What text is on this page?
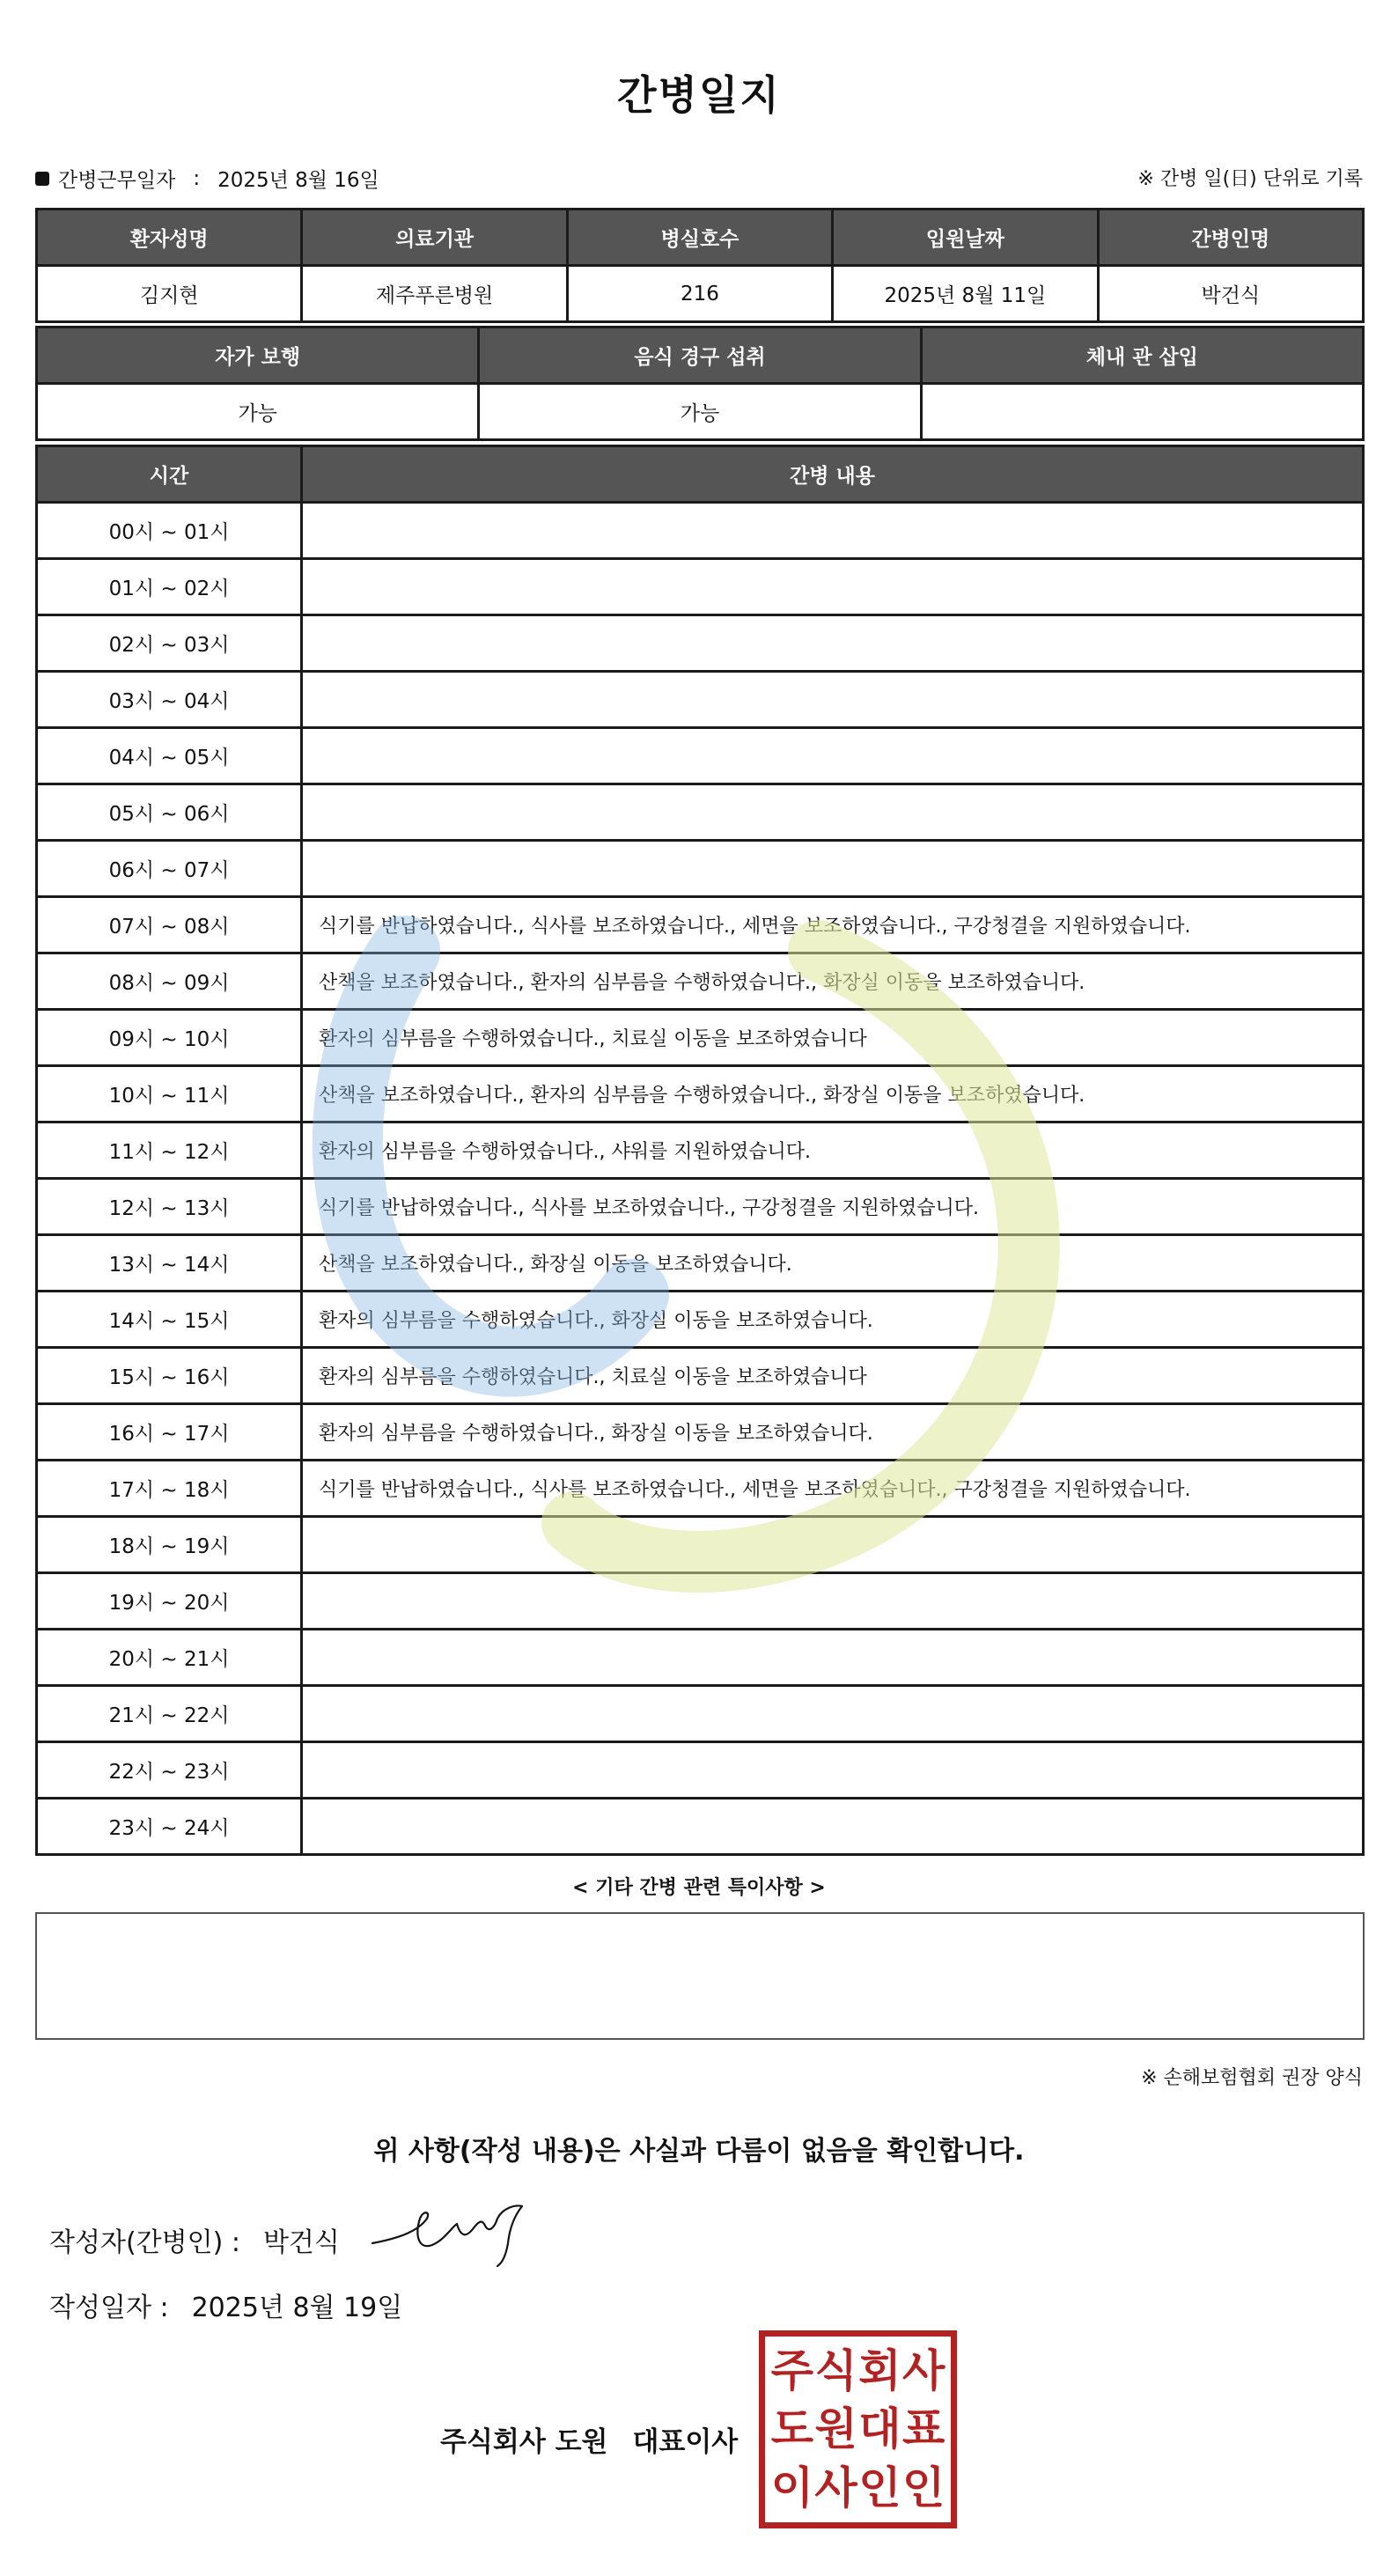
간병일지
간병근무일자 : 2025년 8월 16일	※ 간병 일(日) 단위로 기록
환자성명	의료기관	병실호수	입원날짜	간병인명
김지현	제주푸른병원	216	2025년 8월 11일	박건식
자가 보행	음식 경구 섭취	체내 관 삽입
가능	가능	
시간	간병 내용
00시 ~ 01시	
01시 ~ 02시	
02시 ~ 03시	
03시 ~ 04시	
04시 ~ 05시	
05시 ~ 06시	
06시 ~ 07시	
07시 ~ 08시	식기를 반납하였습니다., 식사를 보조하였습니다., 세면을 보조하였습니다., 구강청결을 지원하였습니다.
08시 ~ 09시	산책을 보조하였습니다., 환자의 심부름을 수행하였습니다., 화장실 이동을 보조하였습니다.
09시 ~ 10시	환자의 심부름을 수행하였습니다., 치료실 이동을 보조하였습니다
10시 ~ 11시	산책을 보조하였습니다., 환자의 심부름을 수행하였습니다., 화장실 이동을 보조하였습니다.
11시 ~ 12시	환자의 심부름을 수행하였습니다., 샤워를 지원하였습니다.
12시 ~ 13시	식기를 반납하였습니다., 식사를 보조하였습니다., 구강청결을 지원하였습니다.
13시 ~ 14시	산책을 보조하였습니다., 화장실 이동을 보조하였습니다.
14시 ~ 15시	환자의 심부름을 수행하였습니다., 화장실 이동을 보조하였습니다.
15시 ~ 16시	환자의 심부름을 수행하였습니다., 치료실 이동을 보조하였습니다
16시 ~ 17시	환자의 심부름을 수행하였습니다., 화장실 이동을 보조하였습니다.
17시 ~ 18시	식기를 반납하였습니다., 식사를 보조하였습니다., 세면을 보조하였습니다., 구강청결을 지원하였습니다.
18시 ~ 19시	
19시 ~ 20시	
20시 ~ 21시	
21시 ~ 22시	
22시 ~ 23시	
23시 ~ 24시	
< 기타 간병 관련 특이사항 >
※ 손해보험협회 권장 양식
위 사항(작성 내용)은 사실과 다름이 없음을 확인합니다.
작성자(간병인) : 박건식
작성일자 : 2025년 8월 19일
주식회사 도원 대표이사
주 식 회 사
도 원 대 표
이 사 인 인
